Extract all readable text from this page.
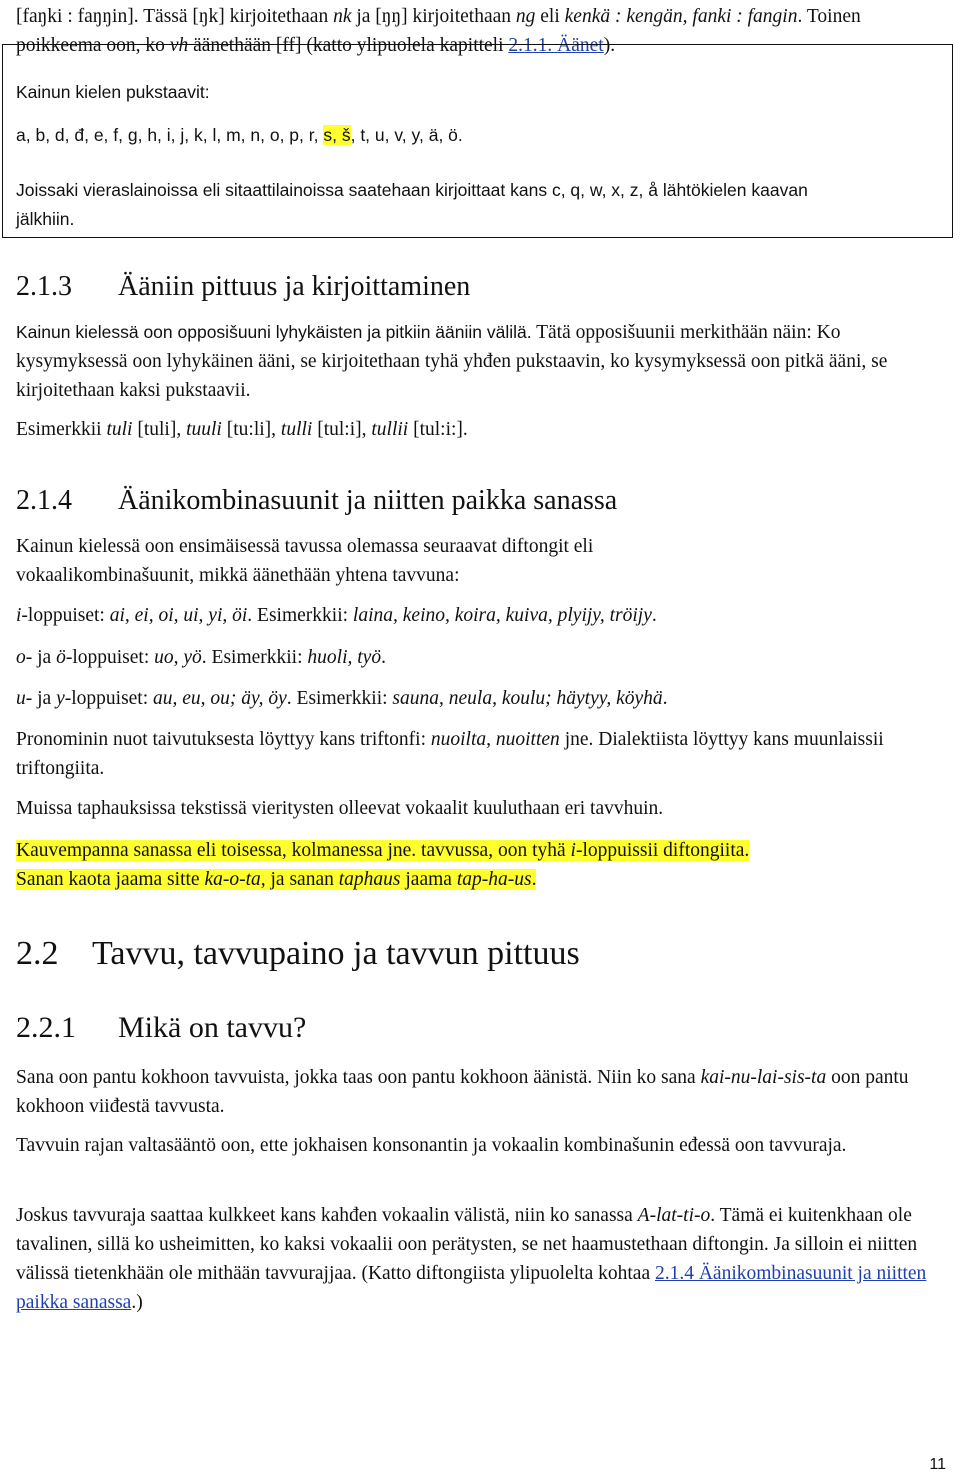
[faŋki : faŋŋin]. Tässä [ŋk] kirjoitethaan nk ja [ŋŋ] kirjoitethaan ng eli kenkä : kengän, fanki : fangin. Toinen poikkeema oon, ko vh äänethään [ff] (katto ylipuolela kapitteli 2.1.1. Äänet).

Kainun kielen pukstaavit:

a, b, d, đ, e, f, g, h, i, j, k, l, m, n, o, p, r, s, š, t, u, v, y, ä, ö.

Joissaki vieraslainoissa eli sitaattilainoissa saatehaan kirjoittaat kans c, q, w, x, z, å lähtökielen kaavan jälkhiin.

2.1.3 Ääniin pittuus ja kirjoittaminen

Kainun kielessä oon opposišuuni lyhykäisten ja pitkiin ääniin välilä. Tätä opposišuunii merkithään näin: Ko kysymyksessä oon lyhykäinen ääni, se kirjoitethaan tyhä yhđen pukstaavin, ko kysymyksessä oon pitkä ääni, se kirjoitethaan kaksi pukstaavii.

Esimerkkii tuli [tuli], tuuli [tu:li], tulli [tul:i], tullii [tul:i:].

2.1.4 Äänikombinasuunit ja niitten paikka sanassa

Kainun kielessä oon ensimäisessä tavussa olemassa seuraavat diftongit eli vokaalikombinašuunit, mikkä äänethään yhtena tavvuna:

i-loppuiset: ai, ei, oi, ui, yi, öi. Esimerkkii: laina, keino, koira, kuiva, plyijy, tröijy.

o- ja ö-loppuiset: uo, yö. Esimerkkii: huoli, työ.

u- ja y-loppuiset: au, eu, ou; äy, öy. Esimerkkii: sauna, neula, koulu; häytyy, köyhä.

Pronominin nuot taivutuksesta löyttyy kans triftonfi: nuoilta, nuoitten jne. Dialektiista löyttyy kans muunlaissii triftongiita.

Muissa taphauksissa tekstissä vieritysten olleevat vokaalit kuuluthaan eri tavvhuin.

Kauvempanna sanassa eli toisessa, kolmanessa jne. tavvussa, oon tyhä i-loppuissii diftongiita.
Sanan kaota jaama sitte ka-o-ta, ja sanan taphaus jaama tap-ha-us.

2.2 Tavvu, tavvupaino ja tavvun pittuus
2.2.1 Mikä on tavvu?

Sana oon pantu kokhoon tavvuista, jokka taas oon pantu kokhoon äänistä. Niin ko sana kai-nu-lai-sis-ta oon pantu kokhoon viiđestä tavvusta.

Tavvuin rajan valtasääntö oon, ette jokhaisen konsonantin ja vokaalin kombinašunin eđessä oon tavvuraja.

Joskus tavvuraja saattaa kulkkeet kans kahđen vokaalin välistä, niin ko sanassa A-lat-ti-o. Tämä ei kuitenkhaan ole tavalinen, sillä ko usheimitten, ko kaksi vokaalii oon perätysten, se net haamustethaan diftongin. Ja silloin ei niitten välissä tietenkhään ole mithään tavvurajjaa. (Katto diftongiista ylipuolelta kohtaa 2.1.4 Äänikombinasuunit ja niitten paikka sanassa.)

11
